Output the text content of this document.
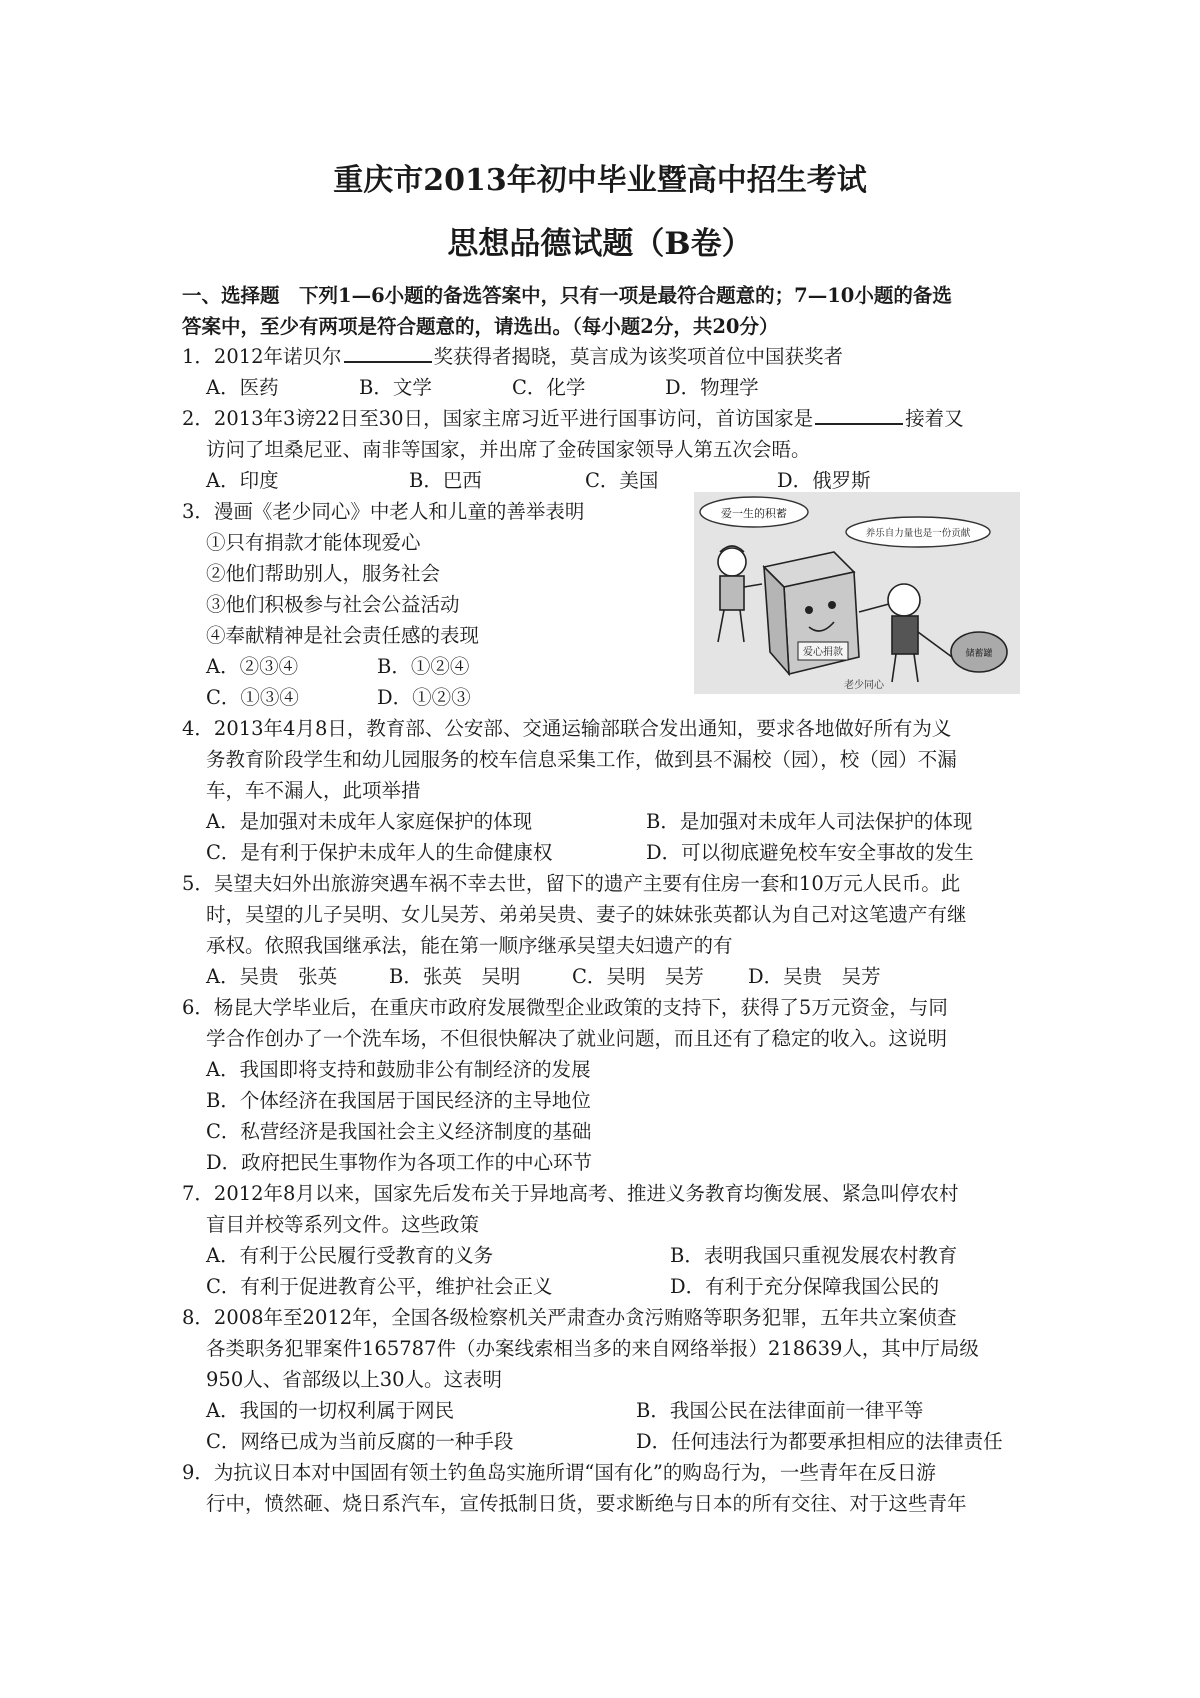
重庆市2013年初中毕业暨高中招生考试
思想品德试题（B卷）
一、选择题　下列1—6小题的备选答案中，只有一项是最符合题意的；7—10小题的备选
答案中，至少有两项是符合题意的，请选出。（每小题2分，共20分）
1．2012年诺贝尔	奖获得者揭晓，莫言成为该奖项首位中国获奖者
A．医药	B．文学	C．化学	D．物理学
2．2013年3谤22日至30日，国家主席习近平进行国事访问，首访国家是	接着又
访问了坦桑尼亚、南非等国家，并出席了金砖国家领导人第五次会晤。
A．印度	B．巴西	C．美国	D．俄罗斯
3．漫画《老少同心》中老人和儿童的善举表明
①只有捐款才能体现爱心
②他们帮助别人，服务社会
③他们积极参与社会公益活动
④奉献精神是社会责任感的表现
A．②③④	B．①②④
C．①③④	D．①②③
爱一生的积蓄
养乐自力量也是一份贡献
爱心捐款	储蓄罐
老少同心
4．2013年4月8日，教育部、公安部、交通运输部联合发出通知，要求各地做好所有为义
务教育阶段学生和幼儿园服务的校车信息采集工作，做到县不漏校（园），校（园）不漏
车，车不漏人，此项举措
A．是加强对未成年人家庭保护的体现	B．是加强对未成年人司法保护的体现
C．是有利于保护未成年人的生命健康权	D．可以彻底避免校车安全事故的发生
5．吴望夫妇外出旅游突遇车祸不幸去世，留下的遗产主要有住房一套和10万元人民币。此
时，吴望的儿子吴明、女儿吴芳、弟弟吴贵、妻子的妹妹张英都认为自己对这笔遗产有继
承权。依照我国继承法，能在第一顺序继承吴望夫妇遗产的有
A．吴贵　张英	B．张英　吴明	C．吴明　吴芳 D．吴贵　吴芳
6．杨昆大学毕业后，在重庆市政府发展微型企业政策的支持下，获得了5万元资金，与同
学合作创办了一个洗车场，不但很快解决了就业问题，而且还有了稳定的收入。这说明
A．我国即将支持和鼓励非公有制经济的发展
B．个体经济在我国居于国民经济的主导地位
C．私营经济是我国社会主义经济制度的基础
D．政府把民生事物作为各项工作的中心环节
7．2012年8月以来，国家先后发布关于异地高考、推进义务教育均衡发展、紧急叫停农村
盲目并校等系列文件。这些政策
A．有利于公民履行受教育的义务	B．表明我国只重视发展农村教育
C．有利于促进教育公平，维护社会正义	D．有利于充分保障我国公民的
8．2008年至2012年，全国各级检察机关严肃查办贪污贿赂等职务犯罪，五年共立案侦查
各类职务犯罪案件165787件（办案线索相当多的来自网络举报）218639人，其中厅局级
950人、省部级以上30人。这表明
A．我国的一切权利属于网民	B．我国公民在法律面前一律平等
C．网络已成为当前反腐的一种手段	D．任何违法行为都要承担相应的法律责任
9．为抗议日本对中国固有领土钓鱼岛实施所谓“国有化”的购岛行为，一些青年在反日游
行中，愤然砸、烧日系汽车，宣传抵制日货，要求断绝与日本的所有交往、对于这些青年
